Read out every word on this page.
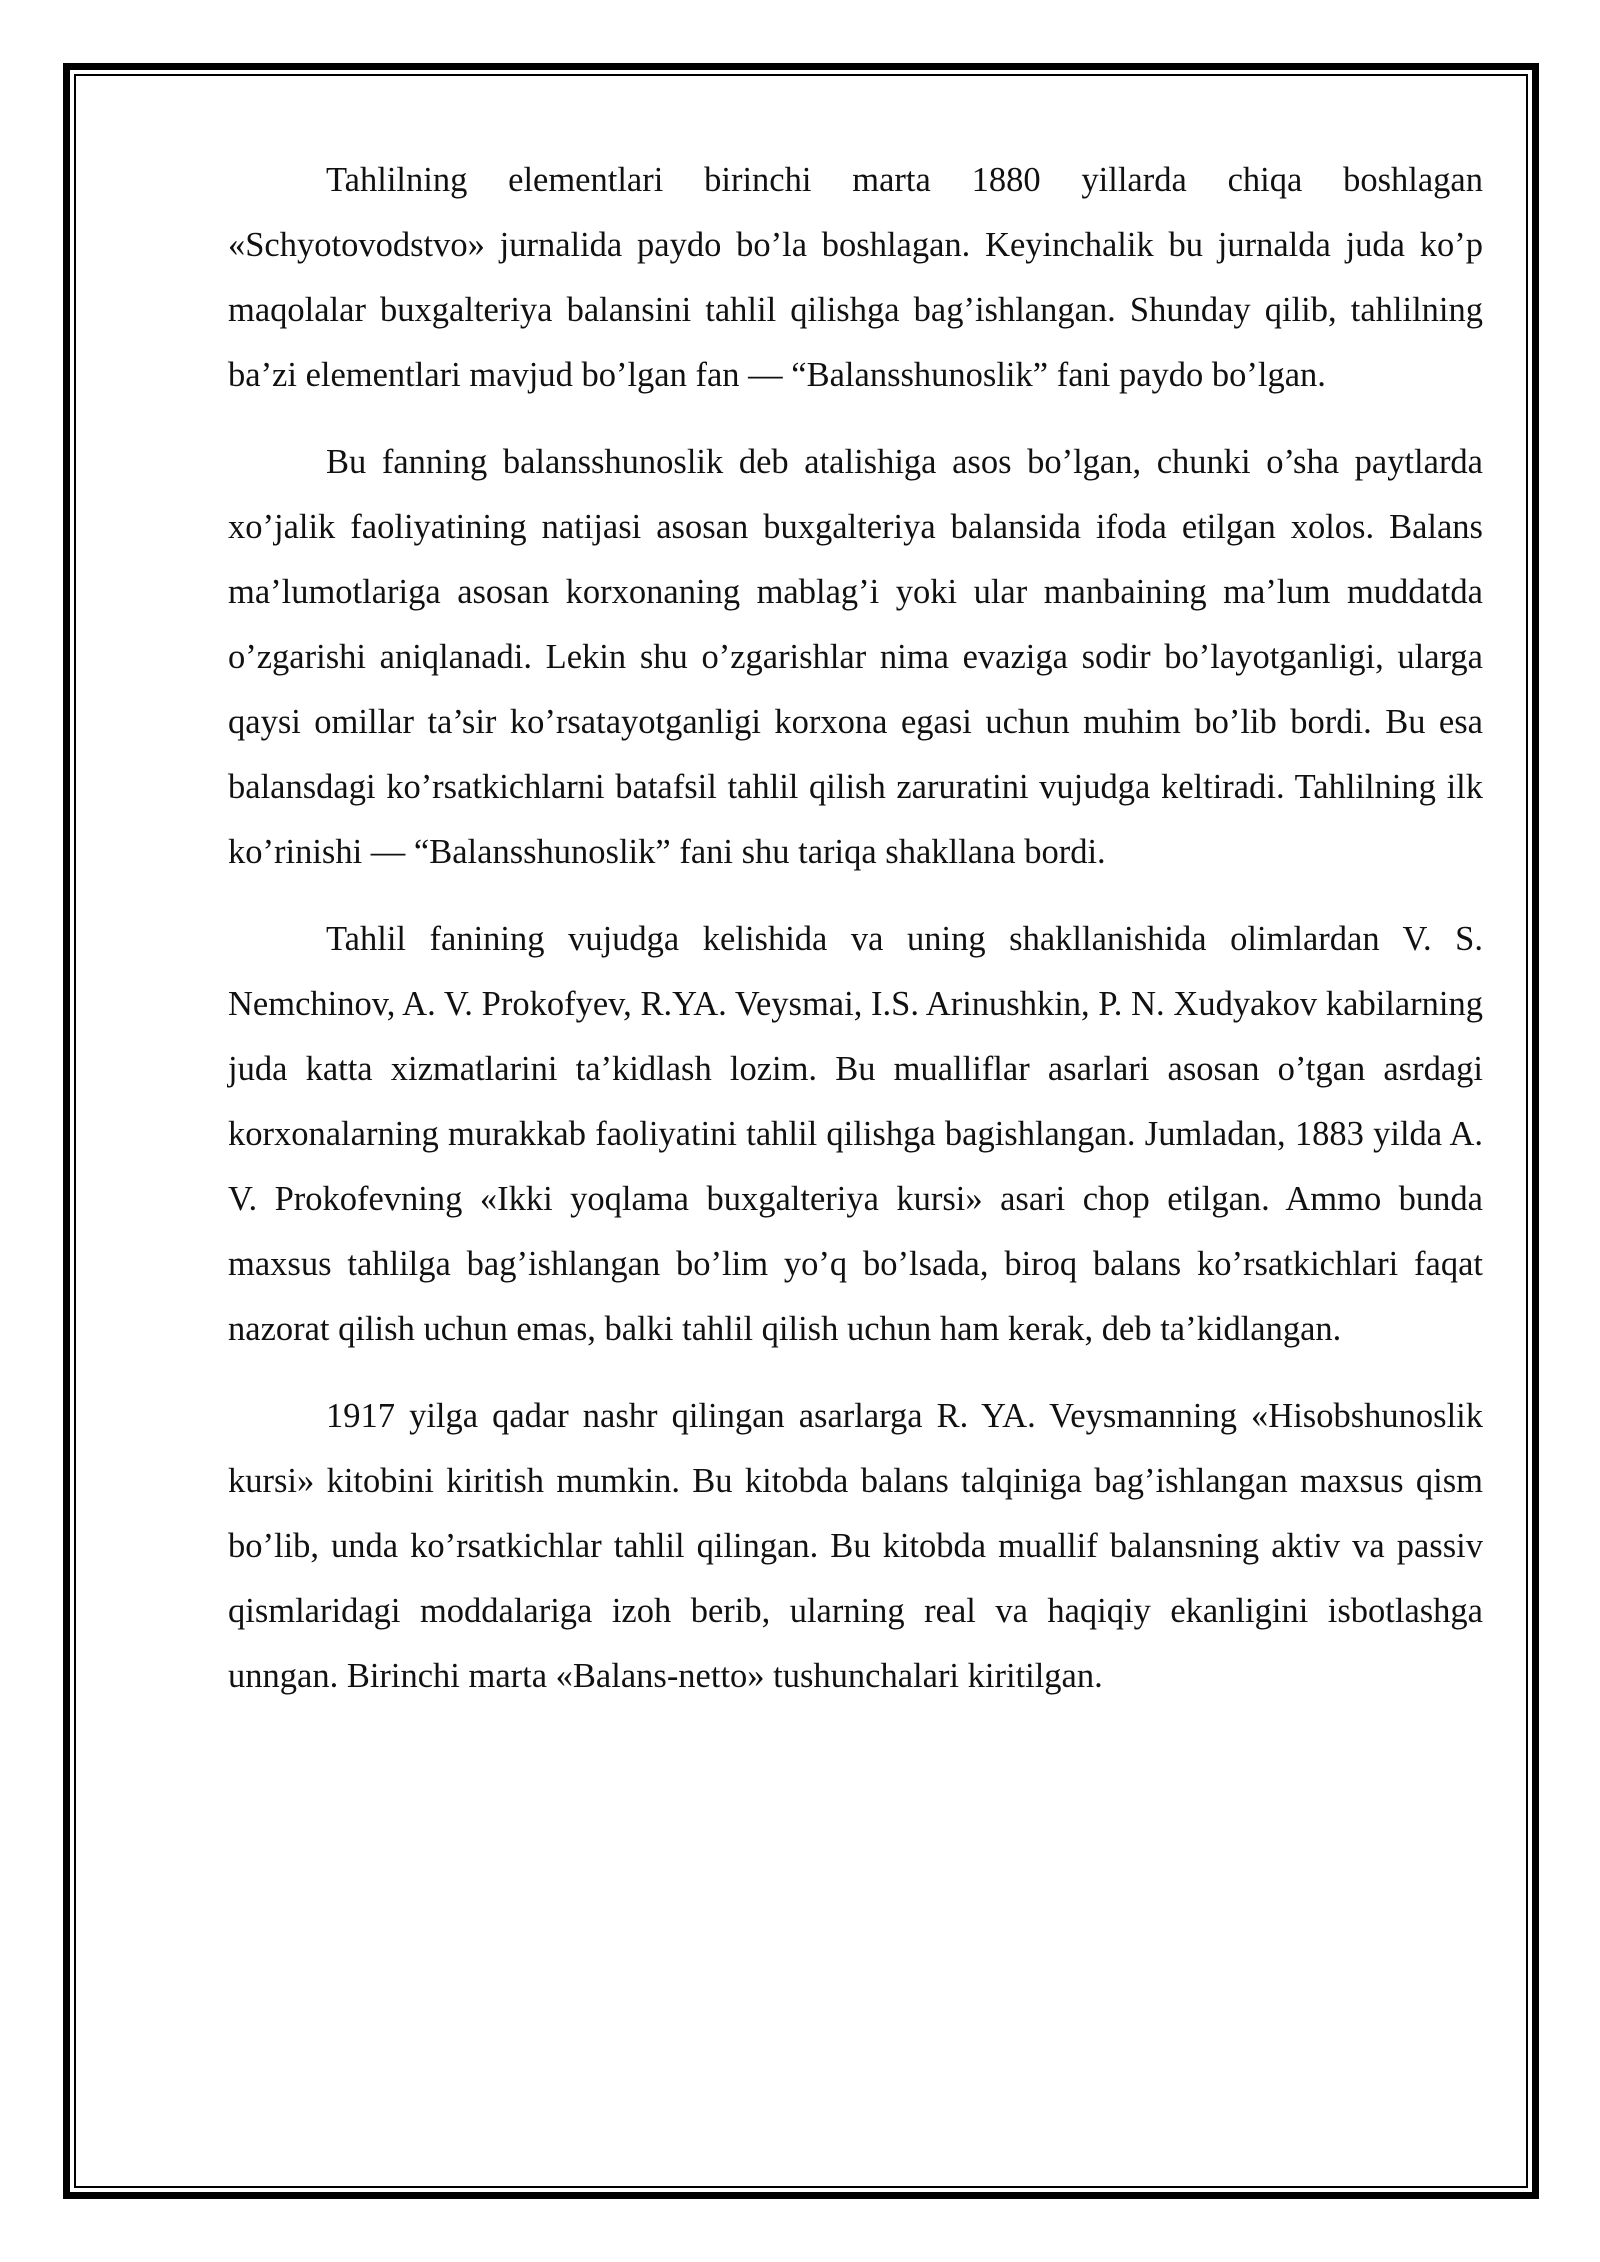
Tahlilning elementlari birinchi marta 1880 yillarda chiqa boshlagan «Schyotovodstvo» jurnalida paydo bo’la boshlagan. Keyinchalik bu jurnalda juda ko’p maqolalar buxgalteriya balansini tahlil qilishga bag’ishlangan. Shunday qilib, tahlilning ba’zi elementlari mavjud bo’lgan fan — “Balansshunoslik” fani paydo bo’lgan.

Bu fanning balansshunoslik deb atalishiga asos bo’lgan, chunki o’sha paytlarda xo’jalik faoliyatining natijasi asosan buxgalteriya balansida ifoda etilgan xolos. Balans ma’lumotlariga asosan korxonaning mablag’i yoki ular manbaining ma’lum muddatda o’zgarishi aniqlanadi. Lekin shu o’zgarishlar nima evaziga sodir bo’layotganligi, ularga qaysi omillar ta’sir ko’rsatayotganligi korxona egasi uchun muhim bo’lib bordi. Bu esa balansdagi ko’rsatkichlarni batafsil tahlil qilish zaruratini vujudga keltiradi. Tahlilning ilk ko’rinishi — “Balansshunoslik” fani shu tariqa shakllana bordi.

Tahlil fanining vujudga kelishida va uning shakllanishida olimlardan V. S. Nemchinov, A. V. Prokofyev, R.YA. Veysmai, I.S. Arinushkin, P. N. Xudyakov kabilarning juda katta xizmatlarini ta’kidlash lozim. Bu mualliflar asarlari asosan o’tgan asrdagi korxonalarning murakkab faoliyatini tahlil qilishga bagishlangan. Jumladan, 1883 yilda A. V. Prokofevning «Ikki yoqlama buxgalteriya kursi» asari chop etilgan. Ammo bunda maxsus tahlilga bag’ishlangan bo’lim yo’q bo’lsada, biroq balans ko’rsatkichlari faqat nazorat qilish uchun emas, balki tahlil qilish uchun ham kerak, deb ta’kidlangan.

1917 yilga qadar nashr qilingan asarlarga R. YA. Veysmanning «Hisobshunoslik kursi» kitobini kiritish mumkin. Bu kitobda balans talqiniga bag’ishlangan maxsus qism bo’lib, unda ko’rsatkichlar tahlil qilingan. Bu kitobda muallif balansning aktiv va passiv qismlaridagi moddalariga izoh berib, ularning real va haqiqiy ekanligini isbotlashga unngan. Birinchi marta «Balans-netto» tushunchalari kiritilgan.
